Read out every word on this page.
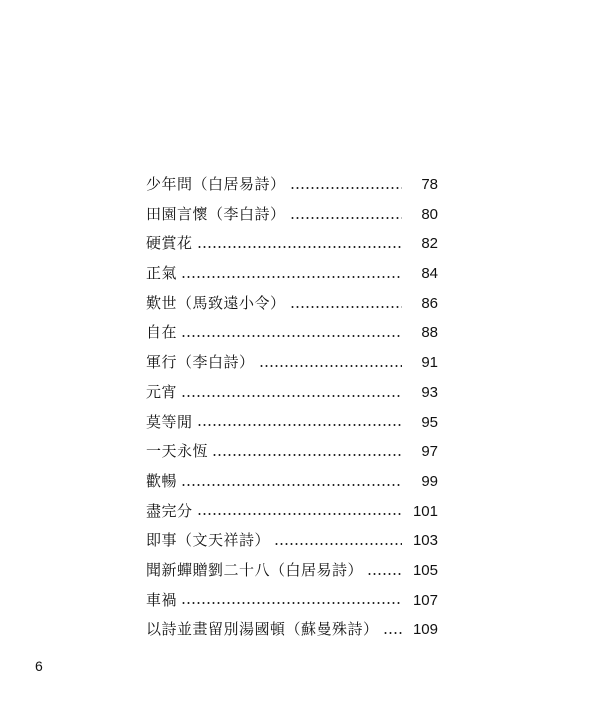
少年問（白居易詩）	78
田園言懷（李白詩）	80
硬賞花	82
正氣	84
歎世（馬致遠小令）	86
自在	88
軍行（李白詩）	91
元宵	93
莫等閒	95
一天永恆	97
歡暢	99
盡完分	101
即事（文天祥詩）	103
聞新蟬贈劉二十八（白居易詩）	105
車禍	107
以詩並畫留別湯國頓（蘇曼殊詩）	109
6
